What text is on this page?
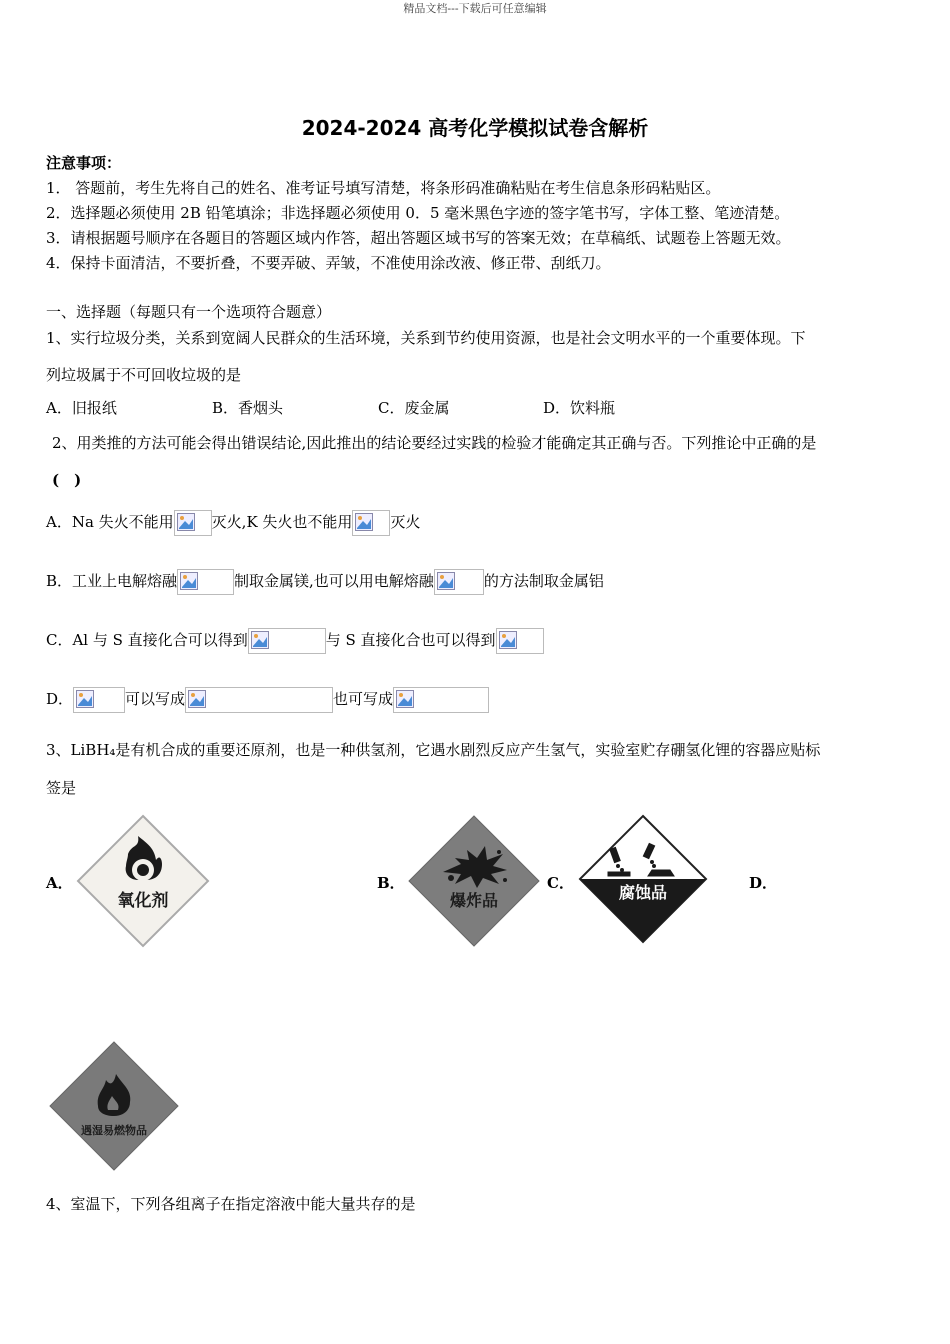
精品文档---下载后可任意编辑
2024-2024 高考化学模拟试卷含解析
注意事项：
1． 答题前，考生先将自己的姓名、准考证号填写清楚，将条形码准确粘贴在考生信息条形码粘贴区。
2．选择题必须使用 2B 铅笔填涂；非选择题必须使用 0．5 毫米黑色字迹的签字笔书写，字体工整、笔迹清楚。
3．请根据题号顺序在各题目的答题区域内作答，超出答题区域书写的答案无效；在草稿纸、试题卷上答题无效。
4．保持卡面清洁，不要折叠，不要弄破、弄皱，不准使用涂改液、修正带、刮纸刀。
一、选择题（每题只有一个选项符合题意）
1、实行垃圾分类，关系到宽阔人民群众的生活环境，关系到节约使用资源，也是社会文明水平的一个重要体现。下
列垃圾属于不可回收垃圾的是
A．旧报纸	B．香烟头	C．废金属	D．饮料瓶
2、用类推的方法可能会得出错误结论,因此推出的结论要经过实践的检验才能确定其正确与否。下列推论中正确的是
(　)
A．Na 失火不能用	灭火,K 失火也不能用	灭火
B．工业上电解熔融	制取金属镁,也可以用电解熔融	的方法制取金属铝
C．Al 与 S 直接化合可以得到	与 S 直接化合也可以得到
D．	可以写成	也可写成
3、LiBH₄是有机合成的重要还原剂，也是一种供氢剂，它遇水剧烈反应产生氢气，实验室贮存硼氢化锂的容器应贴标
签是
A．	B．	C．	D．
氧化剂	爆炸品	腐蚀品
遇湿易燃物品
4、室温下，下列各组离子在指定溶液中能大量共存的是
